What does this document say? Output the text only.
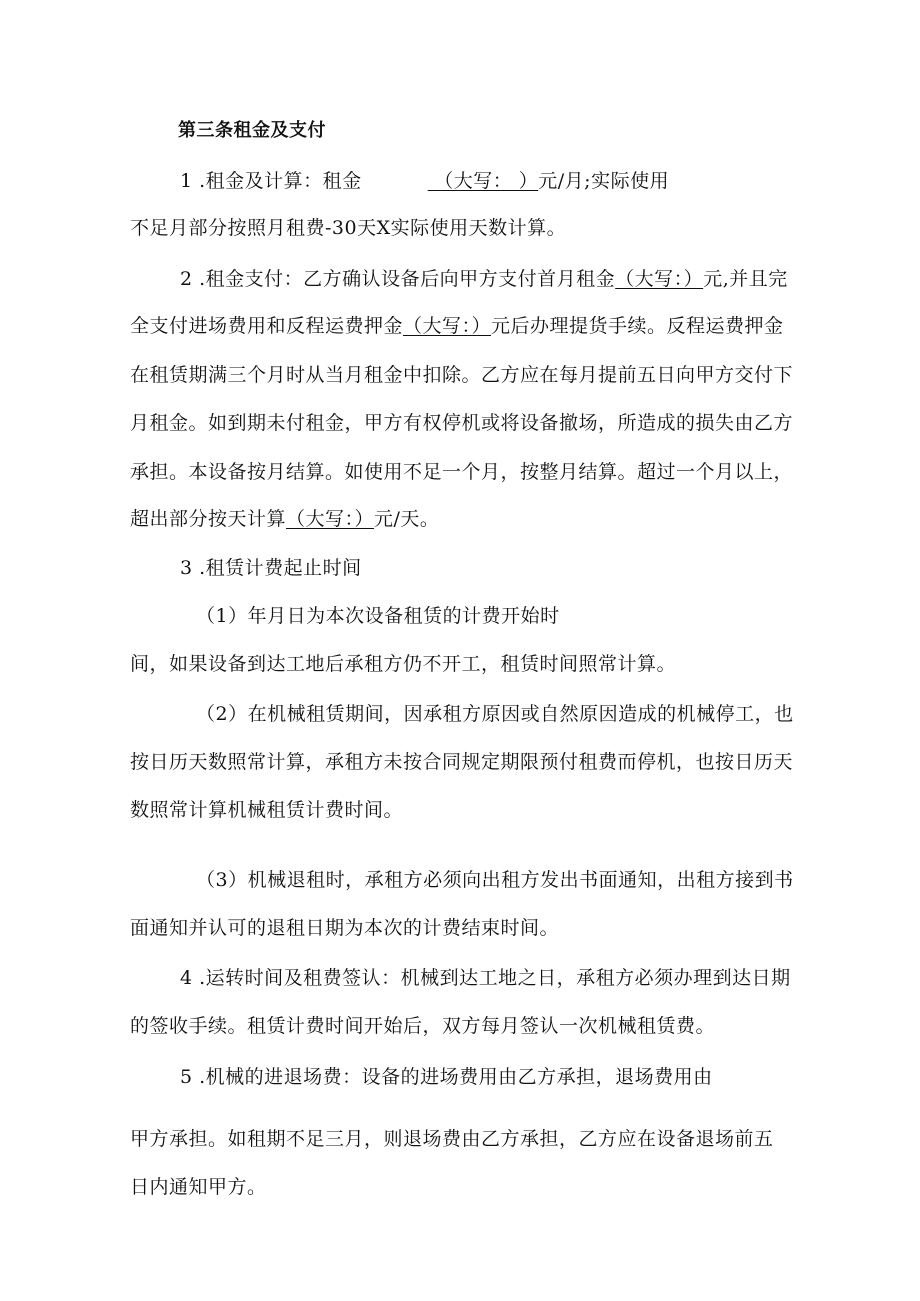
第三条租金及支付
1 .租金及计算：租金	（大写： ）元/月;实际使用
不足月部分按照月租费-30天X实际使用天数计算。
2 .租金支付：乙方确认设备后向甲方支付首月租金（大写：）元,并且完
全支付进场费用和反程运费押金（大写：）元后办理提货手续。反程运费押金
在租赁期满三个月时从当月租金中扣除。乙方应在每月提前五日向甲方交付下
月租金。如到期未付租金，甲方有权停机或将设备撤场，所造成的损失由乙方
承担。本设备按月结算。如使用不足一个月，按整月结算。超过一个月以上，
超出部分按天计算（大写：）元/天。
3 .租赁计费起止时间
（1）年月日为本次设备租赁的计费开始时
间，如果设备到达工地后承租方仍不开工，租赁时间照常计算。
（2）在机械租赁期间，因承租方原因或自然原因造成的机械停工，也
按日历天数照常计算，承租方未按合同规定期限预付租费而停机，也按日历天
数照常计算机械租赁计费时间。
（3）机械退租时，承租方必须向出租方发出书面通知，出租方接到书
面通知并认可的退租日期为本次的计费结束时间。
4 .运转时间及租费签认：机械到达工地之日，承租方必须办理到达日期
的签收手续。租赁计费时间开始后，双方每月签认一次机械租赁费。
5 .机械的进退场费：设备的进场费用由乙方承担，退场费用由
甲方承担。如租期不足三月，则退场费由乙方承担，乙方应在设备退场前五
日内通知甲方。
